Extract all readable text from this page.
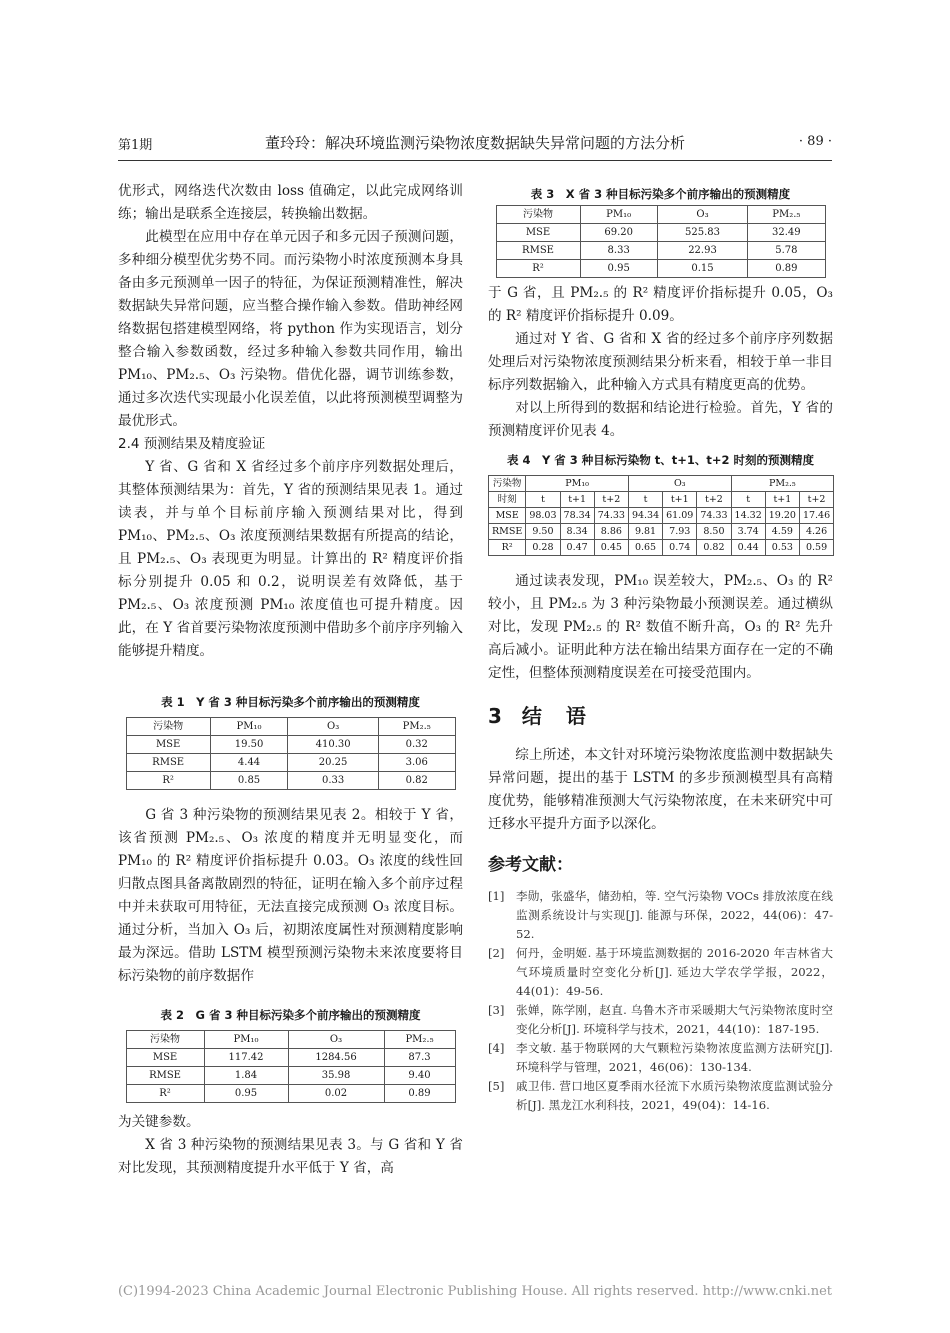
第1期	董玲玲：解决环境监测污染物浓度数据缺失异常问题的方法分析	· 89 ·

优形式，网络迭代次数由 loss 值确定，以此完成网络训练；输出是联系全连接层，转换输出数据。

此模型在应用中存在单元因子和多元因子预测问题，多种细分模型优劣势不同。而污染物小时浓度预测本身具备由多元预测单一因子的特征，为保证预测精准性，解决数据缺失异常问题，应当整合操作输入参数。借助神经网络数据包搭建模型网络，将 python 作为实现语言，划分整合输入参数函数，经过多种输入参数共同作用，输出 PM₁₀、PM₂.₅、O₃ 污染物。借优化器，调节训练参数，通过多次迭代实现最小化误差值，以此将预测模型调整为最优形式。

2.4 预测结果及精度验证

Y 省、G 省和 X 省经过多个前序序列数据处理后，其整体预测结果为：首先，Y 省的预测结果见表 1。通过读表，并与单个目标前序输入预测结果对比，得到 PM₁₀、PM₂.₅、O₃ 浓度预测结果数据有所提高的结论，且 PM₂.₅、O₃ 表现更为明显。计算出的 R² 精度评价指标分别提升 0.05 和 0.2，说明误差有效降低，基于 PM₂.₅、O₃ 浓度预测 PM₁₀ 浓度值也可提升精度。因此，在 Y 省首要污染物浓度预测中借助多个前序序列输入能够提升精度。

表 1　Y 省 3 种目标污染多个前序输出的预测精度

污染物	PM₁₀	O₃	PM₂.₅
MSE	19.50	410.30	0.32
RMSE	4.44	20.25	3.06
R²	0.85	0.33	0.82

G 省 3 种污染物的预测结果见表 2。相较于 Y 省，该省预测 PM₂.₅、O₃ 浓度的精度并无明显变化，而 PM₁₀ 的 R² 精度评价指标提升 0.03。O₃ 浓度的线性回归散点图具备离散剧烈的特征，证明在输入多个前序过程中并未获取可用特征，无法直接完成预测 O₃ 浓度目标。通过分析，当加入 O₃ 后，初期浓度属性对预测精度影响最为深远。借助 LSTM 模型预测污染物未来浓度要将目标污染物的前序数据作

表 2　G 省 3 种目标污染多个前序输出的预测精度

污染物	PM₁₀	O₃	PM₂.₅
MSE	117.42	1284.56	87.3
RMSE	1.84	35.98	9.40
R²	0.95	0.02	0.89

为关键参数。

X 省 3 种污染物的预测结果见表 3。与 G 省和 Y 省对比发现，其预测精度提升水平低于 Y 省，高

表 3　X 省 3 种目标污染多个前序输出的预测精度

污染物	PM₁₀	O₃	PM₂.₅
MSE	69.20	525.83	32.49
RMSE	8.33	22.93	5.78
R²	0.95	0.15	0.89

于 G 省，且 PM₂.₅ 的 R² 精度评价指标提升 0.05，O₃ 的 R² 精度评价指标提升 0.09。

通过对 Y 省、G 省和 X 省的经过多个前序序列数据处理后对污染物浓度预测结果分析来看，相较于单一非目标序列数据输入，此种输入方式具有精度更高的优势。

对以上所得到的数据和结论进行检验。首先，Y 省的预测精度评价见表 4。

表 4　Y 省 3 种目标污染物 t、t+1、t+2 时刻的预测精度

污染物	PM₁₀			O₃			PM₂.₅		
时刻	t	t+1	t+2	t	t+1	t+2	t	t+1	t+2
MSE	98.03	78.34	74.33	94.34	61.09	74.33	14.32	19.20	17.46
RMSE	9.50	8.34	8.86	9.81	7.93	8.50	3.74	4.59	4.26
R²	0.28	0.47	0.45	0.65	0.74	0.82	0.44	0.53	0.59

通过读表发现，PM₁₀ 误差较大，PM₂.₅、O₃ 的 R² 较小，且 PM₂.₅ 为 3 种污染物最小预测误差。通过横纵对比，发现 PM₂.₅ 的 R² 数值不断升高，O₃ 的 R² 先升高后减小。证明此种方法在输出结果方面存在一定的不确定性，但整体预测精度误差在可接受范围内。

3 结　语

综上所述，本文针对环境污染物浓度监测中数据缺失异常问题，提出的基于 LSTM 的多步预测模型具有高精度优势，能够精准预测大气污染物浓度，在未来研究中可迁移水平提升方面予以深化。

参考文献：

[1] 李勋，张盛华，储劲柏，等. 空气污染物 VOCs 排放浓度在线监测系统设计与实现[J]. 能源与环保，2022，44(06)：47-52.
[2] 何丹，金明姬. 基于环境监测数据的 2016-2020 年吉林省大气环境质量时空变化分析[J]. 延边大学农学学报，2022，44(01)：49-56.
[3] 张婵，陈学刚，赵直. 乌鲁木齐市采暖期大气污染物浓度时空变化分析[J]. 环境科学与技术，2021，44(10)：187-195.
[4] 李文敏. 基于物联网的大气颗粒污染物浓度监测方法研究[J]. 环境科学与管理，2021，46(06)：130-134.
[5] 戚卫伟. 营口地区夏季雨水径流下水质污染物浓度监测试验分析[J]. 黑龙江水利科技，2021，49(04)：14-16.
(C)1994-2023 China Academic Journal Electronic Publishing House. All rights reserved. http://www.cnki.net
